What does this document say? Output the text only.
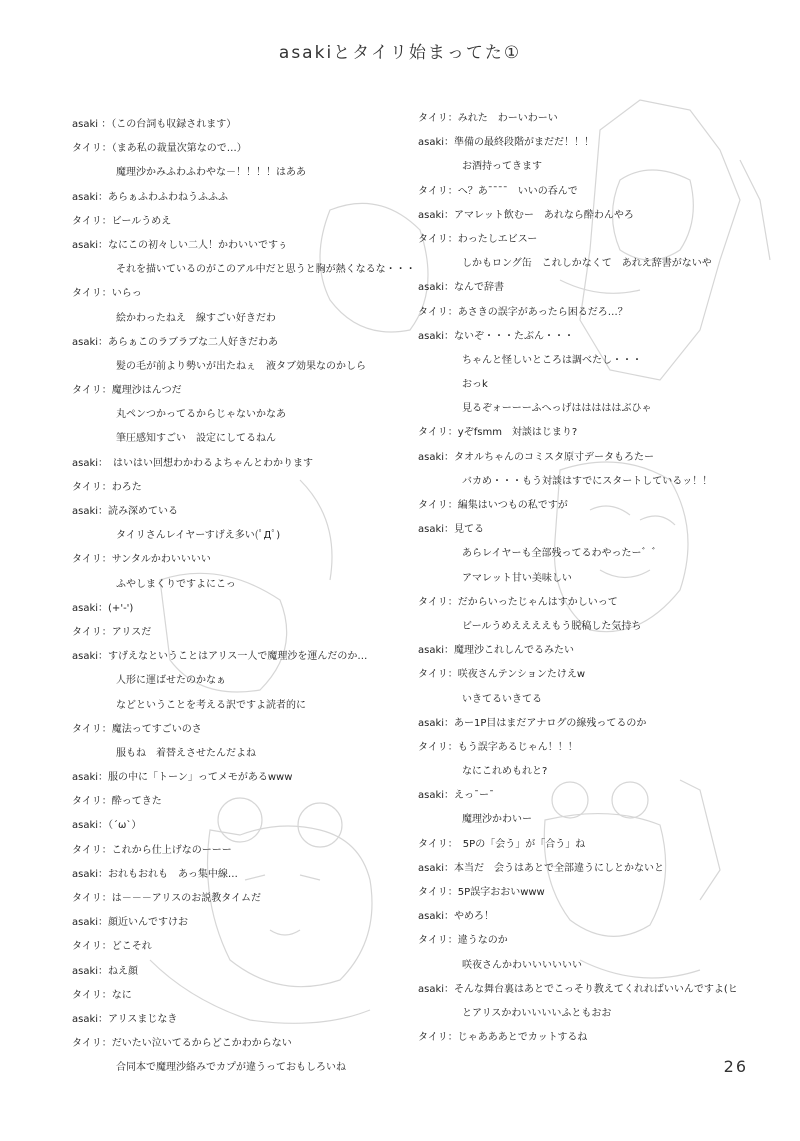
asakiとタイリ始まってた①
asaki ：（この台詞も収録されます）
タイリ：（まあ私の裁量次第なので…）
魔理沙かみふわふわやな－！！！！はああ
asaki：あらぁふわふわねうふふふ
タイリ：ビールうめえ
asaki：なにこの初々しい二人！かわいいですぅ
それを描いているのがこのアル中だと思うと胸が熱くなるな・・・
タイリ：いらっ
絵かわったねえ　線すごい好きだわ
asaki：あらぁこのラブラブな二人好きだわあ
髪の毛が前より勢いが出たねぇ　液タブ効果なのかしら
タイリ：魔理沙はんつだ
丸ペンつかってるからじゃないかなあ
筆圧感知すごい　設定にしてるねん
asaki：　はいはい回想わかわるよちゃんとわかります
タイリ：わろた
asaki：読み深めている
タイリさんレイヤーすげえ多い(ﾟДﾟ)
タイリ：サンタルかわいいいい
ふやしまくりですよにこっ
asaki：(+'-')
タイリ：アリスだ
asaki：すげえなということはアリス一人で魔理沙を運んだのか…
人形に運ばせたのかなぁ
などということを考える訳ですよ読者的に
タイリ：魔法ってすごいのさ
服もね　着替えさせたんだよね
asaki：服の中に「トーン」ってメモがあるwww
タイリ：酔ってきた
asaki：（´ω`）
タイリ：これから仕上げなのーーー
asaki：おれもおれも　あっ集中線…
タイリ：は－－－アリスのお説教タイムだ
asaki：顔近いんですけお
タイリ：どこそれ
asaki：ねえ顔
タイリ：なに
asaki：アリスまじなき
タイリ：だいたい泣いてるからどこかわからない
合同本で魔理沙絡みでカプが違うっておもしろいね
タイリ：みれた　わーいわーい
asaki：準備の最終段階がまだだ！！！
お酒持ってきます
タイリ：へ？あ¯¯¯¯　いいの呑んで
asaki：アマレット飲むー　あれなら酔わんやろ
タイリ：わったしエビスー
しかもロング缶　これしかなくて　あれえ辞書がないや
asaki：なんで辞書
タイリ：あさきの誤字があったら困るだろ…？
asaki：ないぞ・・・たぶん・・・
ちゃんと怪しいところは調べたし・・・
おっk
見るぞォーーーふへっげはははははぶひゃ
タイリ：yぞfsmm　対談はじまり?
asaki：タオルちゃんのコミスタ原寸データもろたー
バカめ・・・もう対談はすでにスタートしているッ！！
タイリ：編集はいつもの私ですが
asaki：見てる
あらレイヤーも全部残ってるわやったー゛゛
アマレット甘い美味しい
タイリ：だからいったじゃんはすかしいって
ビールうめええええもう脱稿した気持ち
asaki：魔理沙これしんでるみたい
タイリ：咲夜さんテンションたけえw
いきてるいきてる
asaki：あー1P目はまだアナログの線残ってるのか
タイリ：もう誤字あるじゃん！！！
なにこれめもれと?
asaki：えっ¯ー¯
魔理沙かわいー
タイリ：　5Pの「会う」が「合う」ね
asaki：本当だ　会うはあとで全部違うにしとかないと
タイリ：5P誤字おおいwww
asaki：やめろ！
タイリ：違うなのか
咲夜さんかわいいいいいい
asaki：そんな舞台裏はあとでこっそり教えてくれればいいんですよ(ヒ
とアリスかわいいいいふともおお
タイリ：じゃあああとでカットするね
26
